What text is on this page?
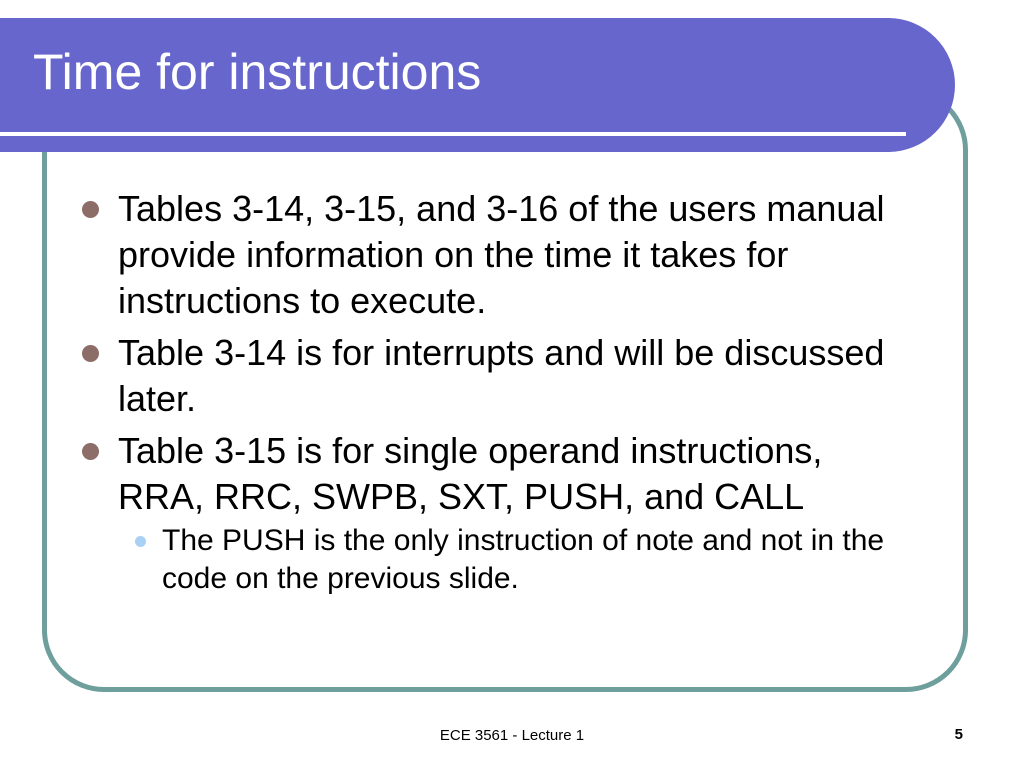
Time for instructions
Tables 3-14, 3-15, and 3-16 of the users manual provide information on the time it takes for instructions to execute.
Table 3-14 is for interrupts and will be discussed later.
Table 3-15 is for single operand instructions, RRA, RRC, SWPB, SXT, PUSH, and CALL
The PUSH is the only instruction of note and not in the code on the previous slide.
ECE 3561 - Lecture 1	5
